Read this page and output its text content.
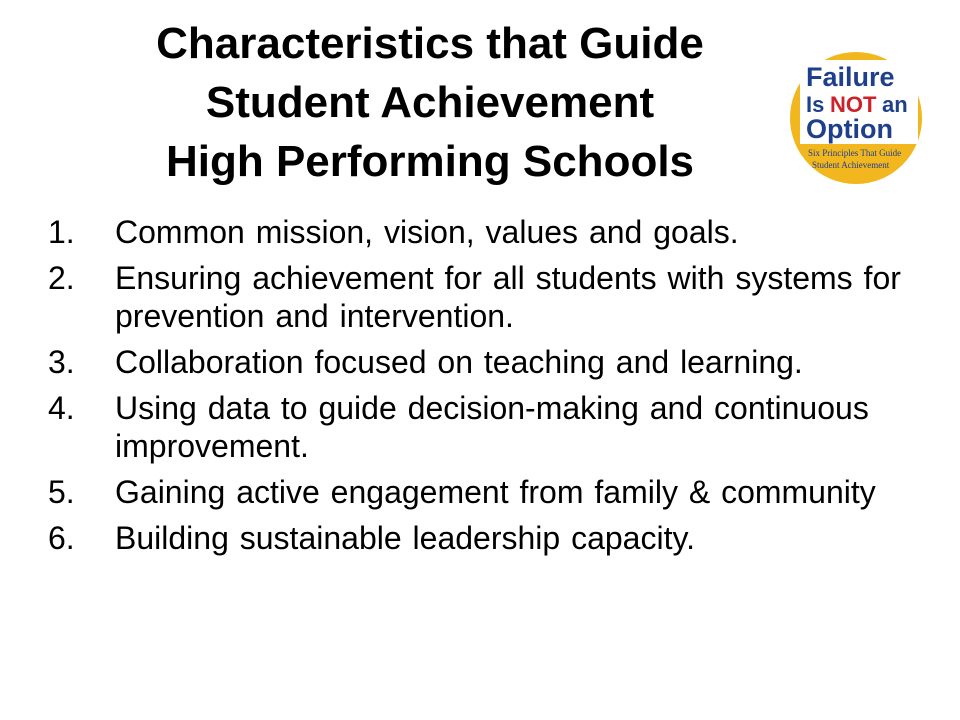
Characteristics that Guide
Student Achievement
High Performing Schools
Failure
Is NOT an
Option
Six Principles That Guide
Student Achievement
1. Common mission, vision, values and goals.
2. Ensuring achievement for all students with systems for prevention and intervention.
3. Collaboration focused on teaching and learning.
4. Using data to guide decision-making and continuous improvement.
5. Gaining active engagement from family & community
6. Building sustainable leadership capacity.
